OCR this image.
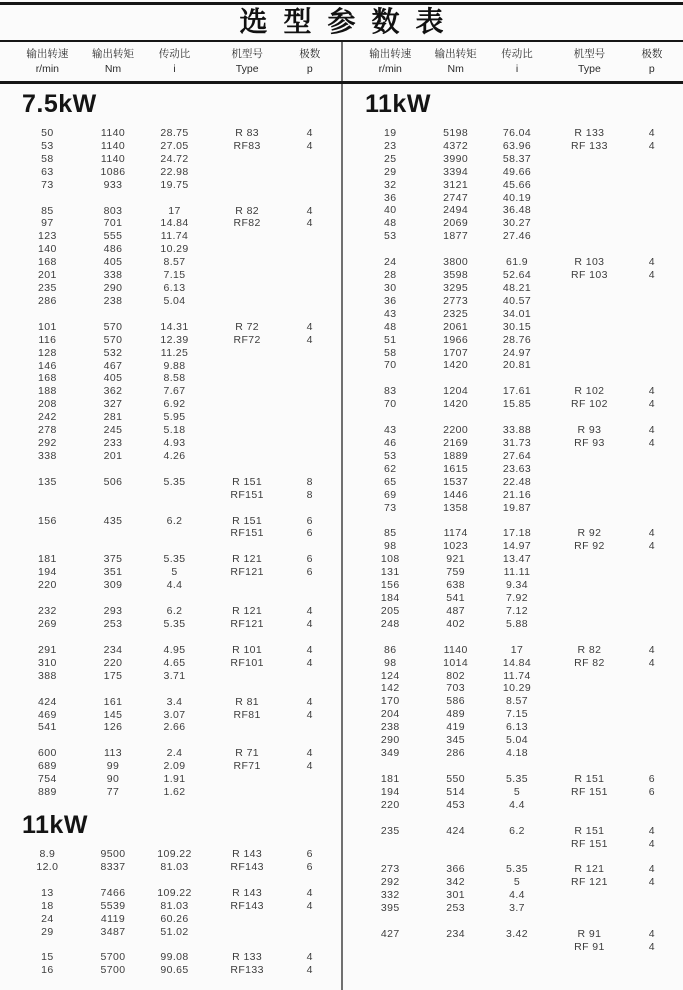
选型参数表
输出转速	输出转矩	传动比	机型号	极数
r/min	Nm	i	Type	p
输出转速	输出转矩	传动比	机型号	极数
r/min	Nm	i	Type	p
7.5kW
50	1140	28.75	R 83	4
53	1140	27.05	RF83	4
58	1140	24.72		
63	1086	22.98		
73	933	19.75		
85	803	17	R 82	4
97	701	14.84	RF82	4
123	555	11.74		
140	486	10.29		
168	405	8.57		
201	338	7.15		
235	290	6.13		
286	238	5.04		
101	570	14.31	R 72	4
116	570	12.39	RF72	4
128	532	11.25		
146	467	9.88		
168	405	8.58		
188	362	7.67		
208	327	6.92		
242	281	5.95		
278	245	5.18		
292	233	4.93		
338	201	4.26		
135	506	5.35	R 151	8
			RF151	8
156	435	6.2	R 151	6
			RF151	6
181	375	5.35	R 121	6
194	351	5	RF121	6
220	309	4.4		
232	293	6.2	R 121	4
269	253	5.35	RF121	4
291	234	4.95	R 101	4
310	220	4.65	RF101	4
388	175	3.71		
424	161	3.4	R 81	4
469	145	3.07	RF81	4
541	126	2.66		
600	113	2.4	R 71	4
689	99	2.09	RF71	4
754	90	1.91		
889	77	1.62		
11kW
8.9	9500	109.22	R 143	6
12.0	8337	81.03	RF143	6
13	7466	109.22	R 143	4
18	5539	81.03	RF143	4
24	4119	60.26		
29	3487	51.02		
15	5700	99.08	R 133	4
16	5700	90.65	RF133	4
11kW
19	5198	76.04	R 133	4
23	4372	63.96	RF 133	4
25	3990	58.37		
29	3394	49.66		
32	3121	45.66		
36	2747	40.19		
40	2494	36.48		
48	2069	30.27		
53	1877	27.46		
24	3800	61.9	R 103	4
28	3598	52.64	RF 103	4
30	3295	48.21		
36	2773	40.57		
43	2325	34.01		
48	2061	30.15		
51	1966	28.76		
58	1707	24.97		
70	1420	20.81		
83	1204	17.61	R 102	4
70	1420	15.85	RF 102	4
43	2200	33.88	R 93	4
46	2169	31.73	RF 93	4
53	1889	27.64		
62	1615	23.63		
65	1537	22.48		
69	1446	21.16		
73	1358	19.87		
85	1174	17.18	R 92	4
98	1023	14.97	RF 92	4
108	921	13.47		
131	759	11.11		
156	638	9.34		
184	541	7.92		
205	487	7.12		
248	402	5.88		
86	1140	17	R 82	4
98	1014	14.84	RF 82	4
124	802	11.74		
142	703	10.29		
170	586	8.57		
204	489	7.15		
238	419	6.13		
290	345	5.04		
349	286	4.18		
181	550	5.35	R 151	6
194	514	5	RF 151	6
220	453	4.4		
235	424	6.2	R 151	4
			RF 151	4
273	366	5.35	R 121	4
292	342	5	RF 121	4
332	301	4.4		
395	253	3.7		
427	234	3.42	R 91	4
			RF 91	4
